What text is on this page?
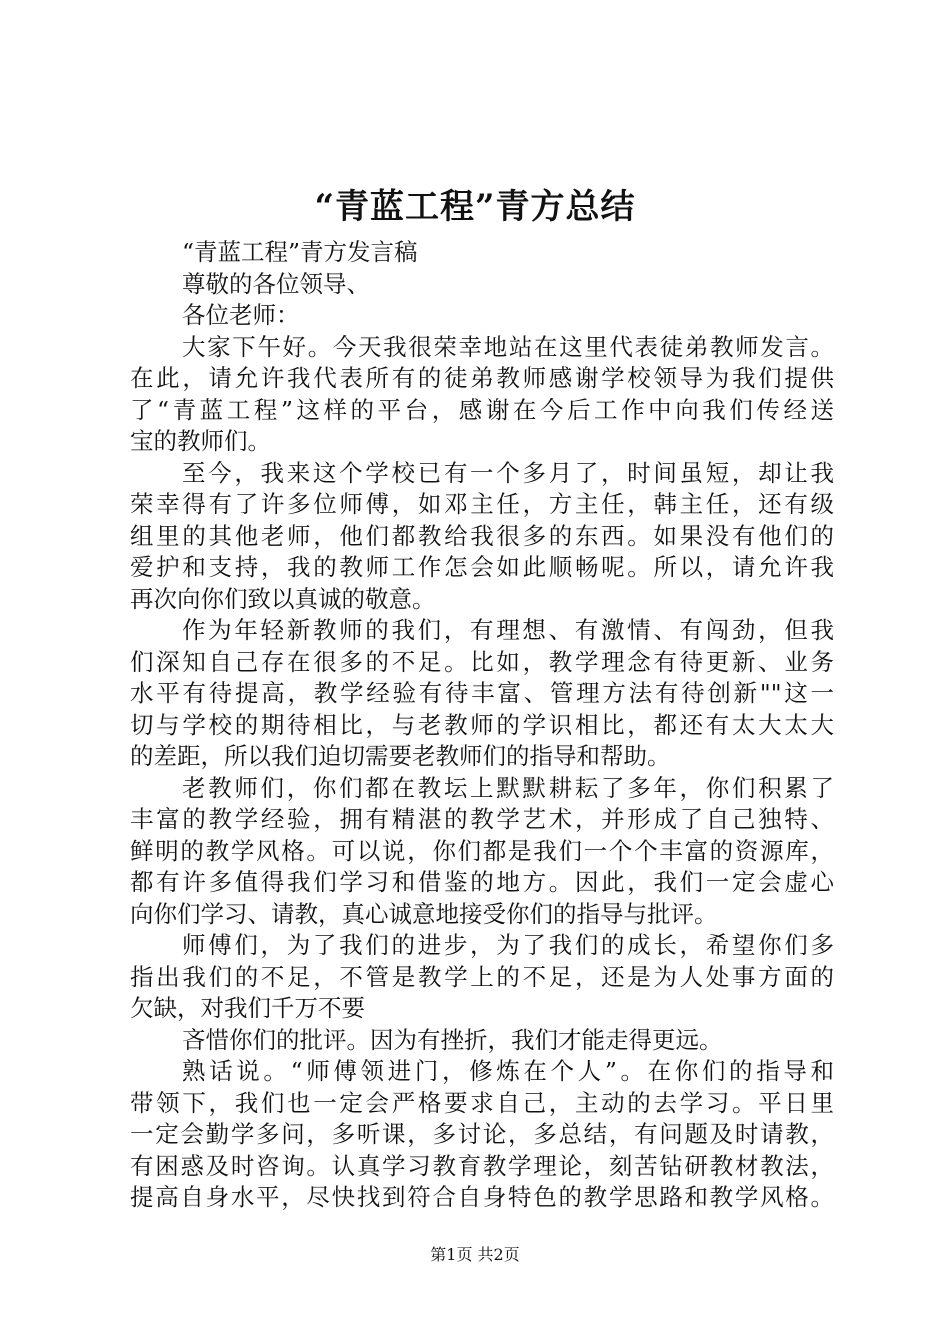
“青蓝工程”青方总结
“青蓝工程”青方发言稿
尊敬的各位领导、
各位老师：
大家下午好。今天我很荣幸地站在这里代表徒弟教师发言。
在此，请允许我代表所有的徒弟教师感谢学校领导为我们提供
了“青蓝工程”这样的平台，感谢在今后工作中向我们传经送
宝的教师们。
至今，我来这个学校已有一个多月了，时间虽短，却让我
荣幸得有了许多位师傅，如邓主任，方主任，韩主任，还有级
组里的其他老师，他们都教给我很多的东西。如果没有他们的
爱护和支持，我的教师工作怎会如此顺畅呢。所以，请允许我
再次向你们致以真诚的敬意。
作为年轻新教师的我们，有理想、有激情、有闯劲，但我
们深知自己存在很多的不足。比如，教学理念有待更新、业务
水平有待提高，教学经验有待丰富、管理方法有待创新""这一
切与学校的期待相比，与老教师的学识相比，都还有太大太大
的差距，所以我们迫切需要老教师们的指导和帮助。
老教师们，你们都在教坛上默默耕耘了多年，你们积累了
丰富的教学经验，拥有精湛的教学艺术，并形成了自己独特、
鲜明的教学风格。可以说，你们都是我们一个个丰富的资源库，
都有许多值得我们学习和借鉴的地方。因此，我们一定会虚心
向你们学习、请教，真心诚意地接受你们的指导与批评。
师傅们，为了我们的进步，为了我们的成长，希望你们多
指出我们的不足，不管是教学上的不足，还是为人处事方面的
欠缺，对我们千万不要
吝惜你们的批评。因为有挫折，我们才能走得更远。
熟话说。“师傅领进门，修炼在个人”。在你们的指导和
带领下，我们也一定会严格要求自己，主动的去学习。平日里
一定会勤学多问，多听课，多讨论，多总结，有问题及时请教，
有困惑及时咨询。认真学习教育教学理论，刻苦钻研教材教法，
提高自身水平，尽快找到符合自身特色的教学思路和教学风格。
第1页 共2页
